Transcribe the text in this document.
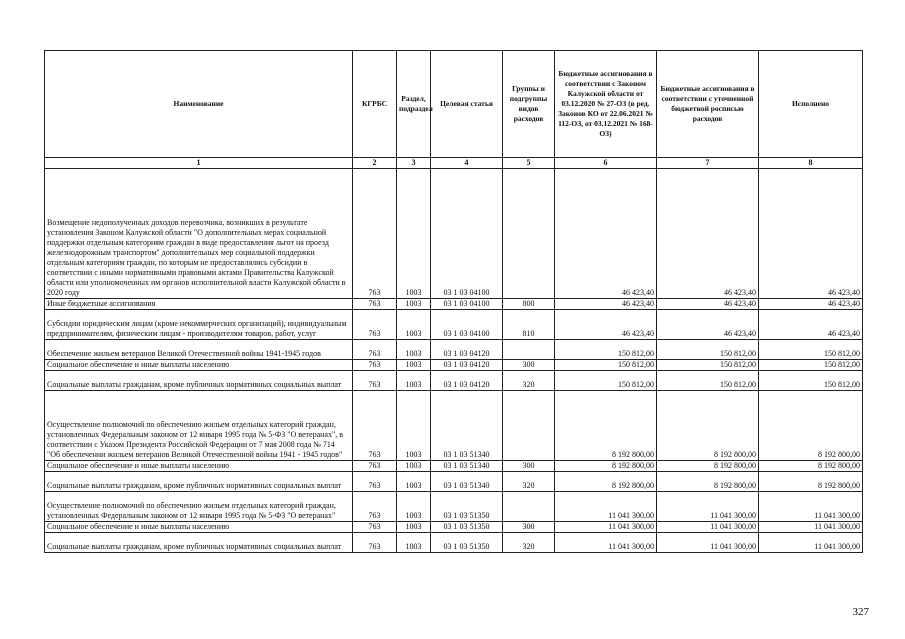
Наименование	КГРБС	Раздел, подраздел	Целевая статья	Группы и подгруппы видов расходов	Бюджетные ассигнования в соответствии с Законом Калужской области от 03.12.2020 № 27-ОЗ (в ред. Законов КО от 22.06.2021 № 112-ОЗ, от 03.12.2021 № 168-ОЗ)	Бюджетные ассигнования в соответствии с уточненной бюджетной росписью расходов	Исполнено
1	2	3	4	5	6	7	8
Возмещение недополученных доходов перевозчика, возникших в результате установления Законом Калужской области "О дополнительных мерах социальной поддержки отдельным категориям граждан в виде предоставления льгот на проезд железнодорожным транспортом" дополнительных мер социальной поддержки отдельным категориям граждан, по которым не предоставлялись субсидии в соответствии с иными нормативными правовыми актами Правительства Калужской области или уполномоченных им органов исполнительной власти Калужской области в 2020 году	763	1003	03 1 03 04100		46 423,40	46 423,40	46 423,40
Иные бюджетные ассигнования	763	1003	03 1 03 04100	800	46 423,40	46 423,40	46 423,40
Субсидии юридическим лицам (кроме некоммерческих организаций), индивидуальным предпринимателям, физическим лицам - производителям товаров, работ, услуг	763	1003	03 1 03 04100	810	46 423,40	46 423,40	46 423,40
Обеспечение жильем ветеранов Великой Отечественной войны 1941-1945 годов	763	1003	03 1 03 04120		150 812,00	150 812,00	150 812,00
Социальное обеспечение и иные выплаты населению	763	1003	03 1 03 04120	300	150 812,00	150 812,00	150 812,00
Социальные выплаты гражданам, кроме публичных нормативных социальных выплат	763	1003	03 1 03 04120	320	150 812,00	150 812,00	150 812,00
Осуществление полномочий по обеспечению жильем отдельных категорий граждан, установленных Федеральным законом от 12 января 1995 года № 5-ФЗ "О ветеранах", в соответствии с Указом Президента Российской Федерации от 7 мая 2008 года № 714 "Об обеспечении жильем ветеранов Великой Отечественной войны 1941 - 1945 годов"	763	1003	03 1 03 51340		8 192 800,00	8 192 800,00	8 192 800,00
Социальное обеспечение и иные выплаты населению	763	1003	03 1 03 51340	300	8 192 800,00	8 192 800,00	8 192 800,00
Социальные выплаты гражданам, кроме публичных нормативных социальных выплат	763	1003	03 1 03 51340	320	8 192 800,00	8 192 800,00	8 192 800,00
Осуществление полномочий по обеспечению жильем отдельных категорий граждан, установленных Федеральным законом от 12 января 1995 года № 5-ФЗ "О ветеранах"	763	1003	03 1 03 51350		11 041 300,00	11 041 300,00	11 041 300,00
Социальное обеспечение и иные выплаты населению	763	1003	03 1 03 51350	300	11 041 300,00	11 041 300,00	11 041 300,00
Социальные выплаты гражданам, кроме публичных нормативных социальных выплат	763	1003	03 1 03 51350	320	11 041 300,00	11 041 300,00	11 041 300,00
327
